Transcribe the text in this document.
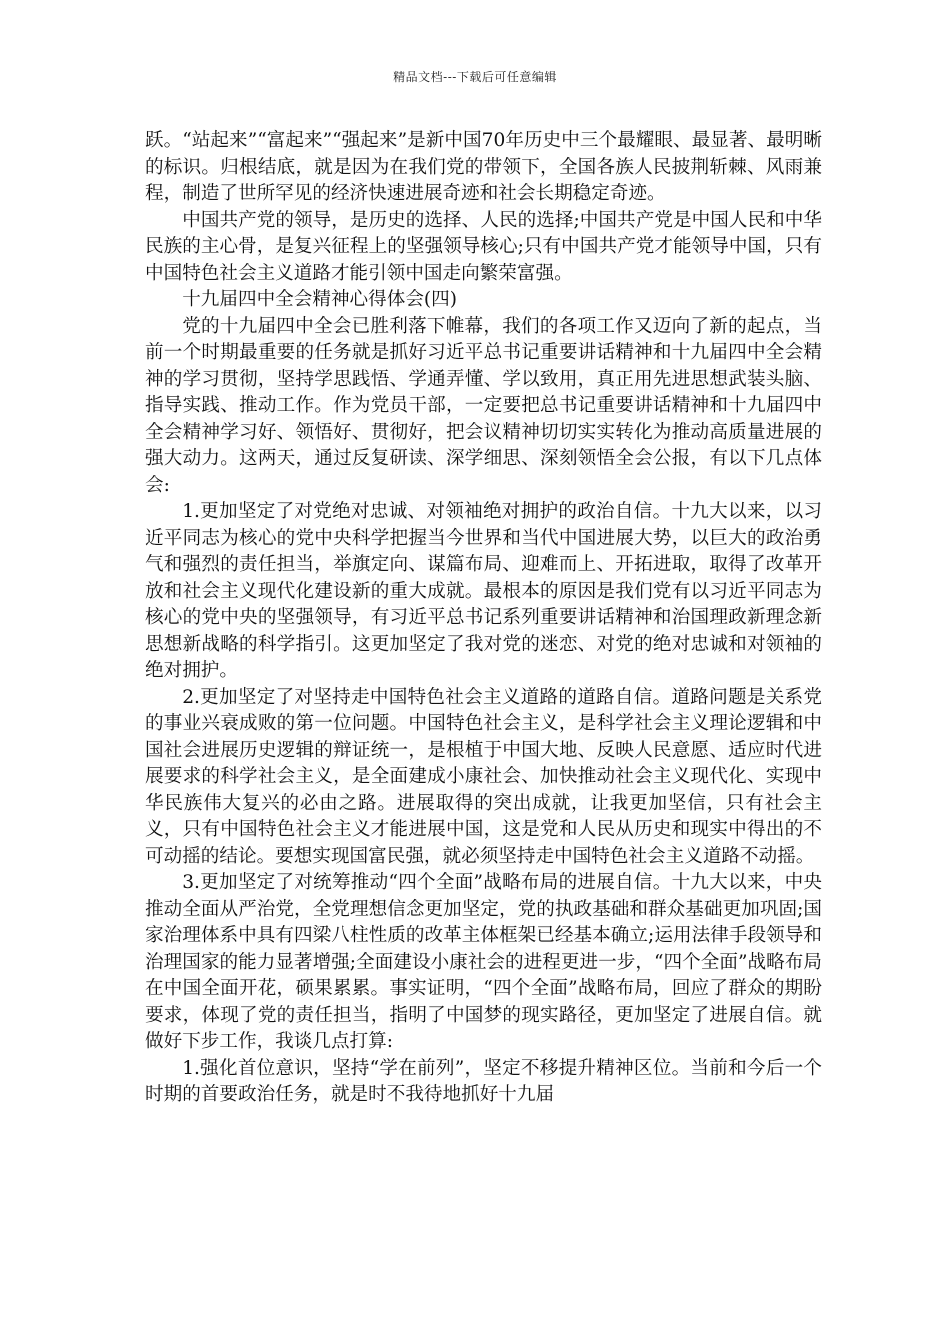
精品文档---下载后可任意编辑

跃。“站起来”“富起来”“强起来”是新中国70年历史中三个最耀眼、最显著、最明晰的标识。归根结底，就是因为在我们党的带领下，全国各族人民披荆斩棘、风雨兼程，制造了世所罕见的经济快速进展奇迹和社会长期稳定奇迹。

中国共产党的领导，是历史的选择、人民的选择;中国共产党是中国人民和中华民族的主心骨，是复兴征程上的坚强领导核心;只有中国共产党才能领导中国，只有中国特色社会主义道路才能引领中国走向繁荣富强。

十九届四中全会精神心得体会(四)

党的十九届四中全会已胜利落下帷幕，我们的各项工作又迈向了新的起点，当前一个时期最重要的任务就是抓好习近平总书记重要讲话精神和十九届四中全会精神的学习贯彻，坚持学思践悟、学通弄懂、学以致用，真正用先进思想武装头脑、指导实践、推动工作。作为党员干部，一定要把总书记重要讲话精神和十九届四中全会精神学习好、领悟好、贯彻好，把会议精神切切实实转化为推动高质量进展的强大动力。这两天，通过反复研读、深学细思、深刻领悟全会公报，有以下几点体会:

1.更加坚定了对党绝对忠诚、对领袖绝对拥护的政治自信。十九大以来，以习近平同志为核心的党中央科学把握当今世界和当代中国进展大势，以巨大的政治勇气和强烈的责任担当，举旗定向、谋篇布局、迎难而上、开拓进取，取得了改革开放和社会主义现代化建设新的重大成就。最根本的原因是我们党有以习近平同志为核心的党中央的坚强领导，有习近平总书记系列重要讲话精神和治国理政新理念新思想新战略的科学指引。这更加坚定了我对党的迷恋、对党的绝对忠诚和对领袖的绝对拥护。

2.更加坚定了对坚持走中国特色社会主义道路的道路自信。道路问题是关系党的事业兴衰成败的第一位问题。中国特色社会主义，是科学社会主义理论逻辑和中国社会进展历史逻辑的辩证统一，是根植于中国大地、反映人民意愿、适应时代进展要求的科学社会主义，是全面建成小康社会、加快推动社会主义现代化、实现中华民族伟大复兴的必由之路。进展取得的突出成就，让我更加坚信，只有社会主义，只有中国特色社会主义才能进展中国，这是党和人民从历史和现实中得出的不可动摇的结论。要想实现国富民强，就必须坚持走中国特色社会主义道路不动摇。

3.更加坚定了对统筹推动“四个全面”战略布局的进展自信。十九大以来，中央推动全面从严治党，全党理想信念更加坚定，党的执政基础和群众基础更加巩固;国家治理体系中具有四梁八柱性质的改革主体框架已经基本确立;运用法律手段领导和治理国家的能力显著增强;全面建设小康社会的进程更进一步，“四个全面”战略布局在中国全面开花，硕果累累。事实证明，“四个全面”战略布局，回应了群众的期盼要求，体现了党的责任担当，指明了中国梦的现实路径，更加坚定了进展自信。就做好下步工作，我谈几点打算:

1.强化首位意识，坚持“学在前列”，坚定不移提升精神区位。当前和今后一个时期的首要政治任务，就是时不我待地抓好十九届
